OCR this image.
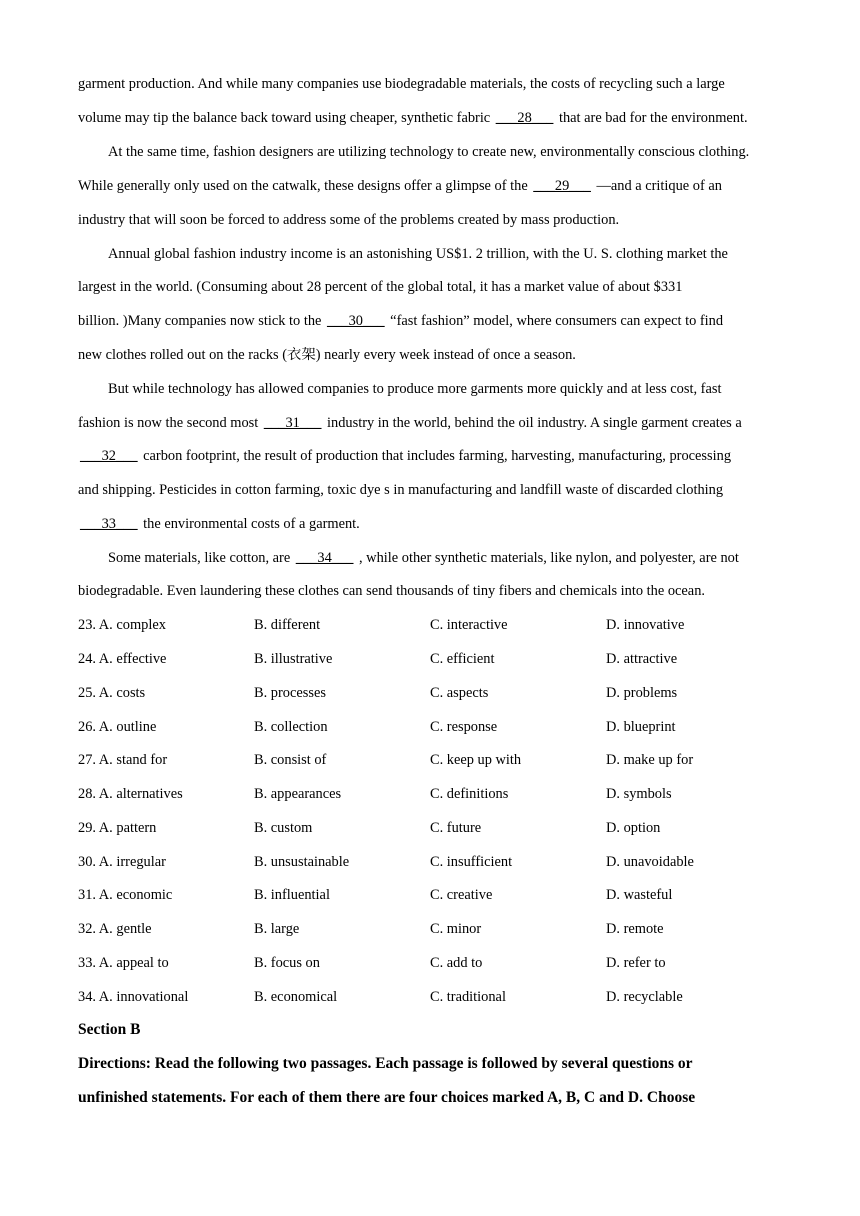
garment production. And while many companies use biodegradable materials, the costs of recycling such a large
volume may tip the balance back toward using cheaper, synthetic fabric ___28___ that are bad for the environment.
At the same time, fashion designers are utilizing technology to create new, environmentally conscious clothing.
While generally only used on the catwalk, these designs offer a glimpse of the ___29___ —and a critique of an
industry that will soon be forced to address some of the problems created by mass production.
Annual global fashion industry income is an astonishing US$1. 2 trillion, with the U. S. clothing market the
largest in the world. (Consuming about 28 percent of the global total, it has a market value of about $331
billion. )Many companies now stick to the ___30___ “fast fashion” model, where consumers can expect to find
new clothes rolled out on the racks (衣架) nearly every week instead of once a season.
But while technology has allowed companies to produce more garments more quickly and at less cost, fast
fashion is now the second most ___31___ industry in the world, behind the oil industry. A single garment creates a
___32___ carbon footprint, the result of production that includes farming, harvesting, manufacturing, processing
and shipping. Pesticides in cotton farming, toxic dye s in manufacturing and landfill waste of discarded clothing
___33___ the environmental costs of a garment.
Some materials, like cotton, are ___34___ , while other synthetic materials, like nylon, and polyester, are not
biodegradable. Even laundering these clothes can send thousands of tiny fibers and chemicals into the ocean.
23. A. complex	B. different	C. interactive	D. innovative
24. A. effective	B. illustrative	C. efficient	D. attractive
25. A. costs	B. processes	C. aspects	D. problems
26. A. outline	B. collection	C. response	D. blueprint
27. A. stand for	B. consist of	C. keep up with	D. make up for
28. A. alternatives	B. appearances	C. definitions	D. symbols
29. A. pattern	B. custom	C. future	D. option
30. A. irregular	B. unsustainable	C. insufficient	D. unavoidable
31. A. economic	B. influential	C. creative	D. wasteful
32. A. gentle	B. large	C. minor	D. remote
33. A. appeal to	B. focus on	C. add to	D. refer to
34. A. innovational	B. economical	C. traditional	D. recyclable
Section B
Directions: Read the following two passages. Each passage is followed by several questions or
unfinished statements. For each of them there are four choices marked A, B, C and D. Choose
